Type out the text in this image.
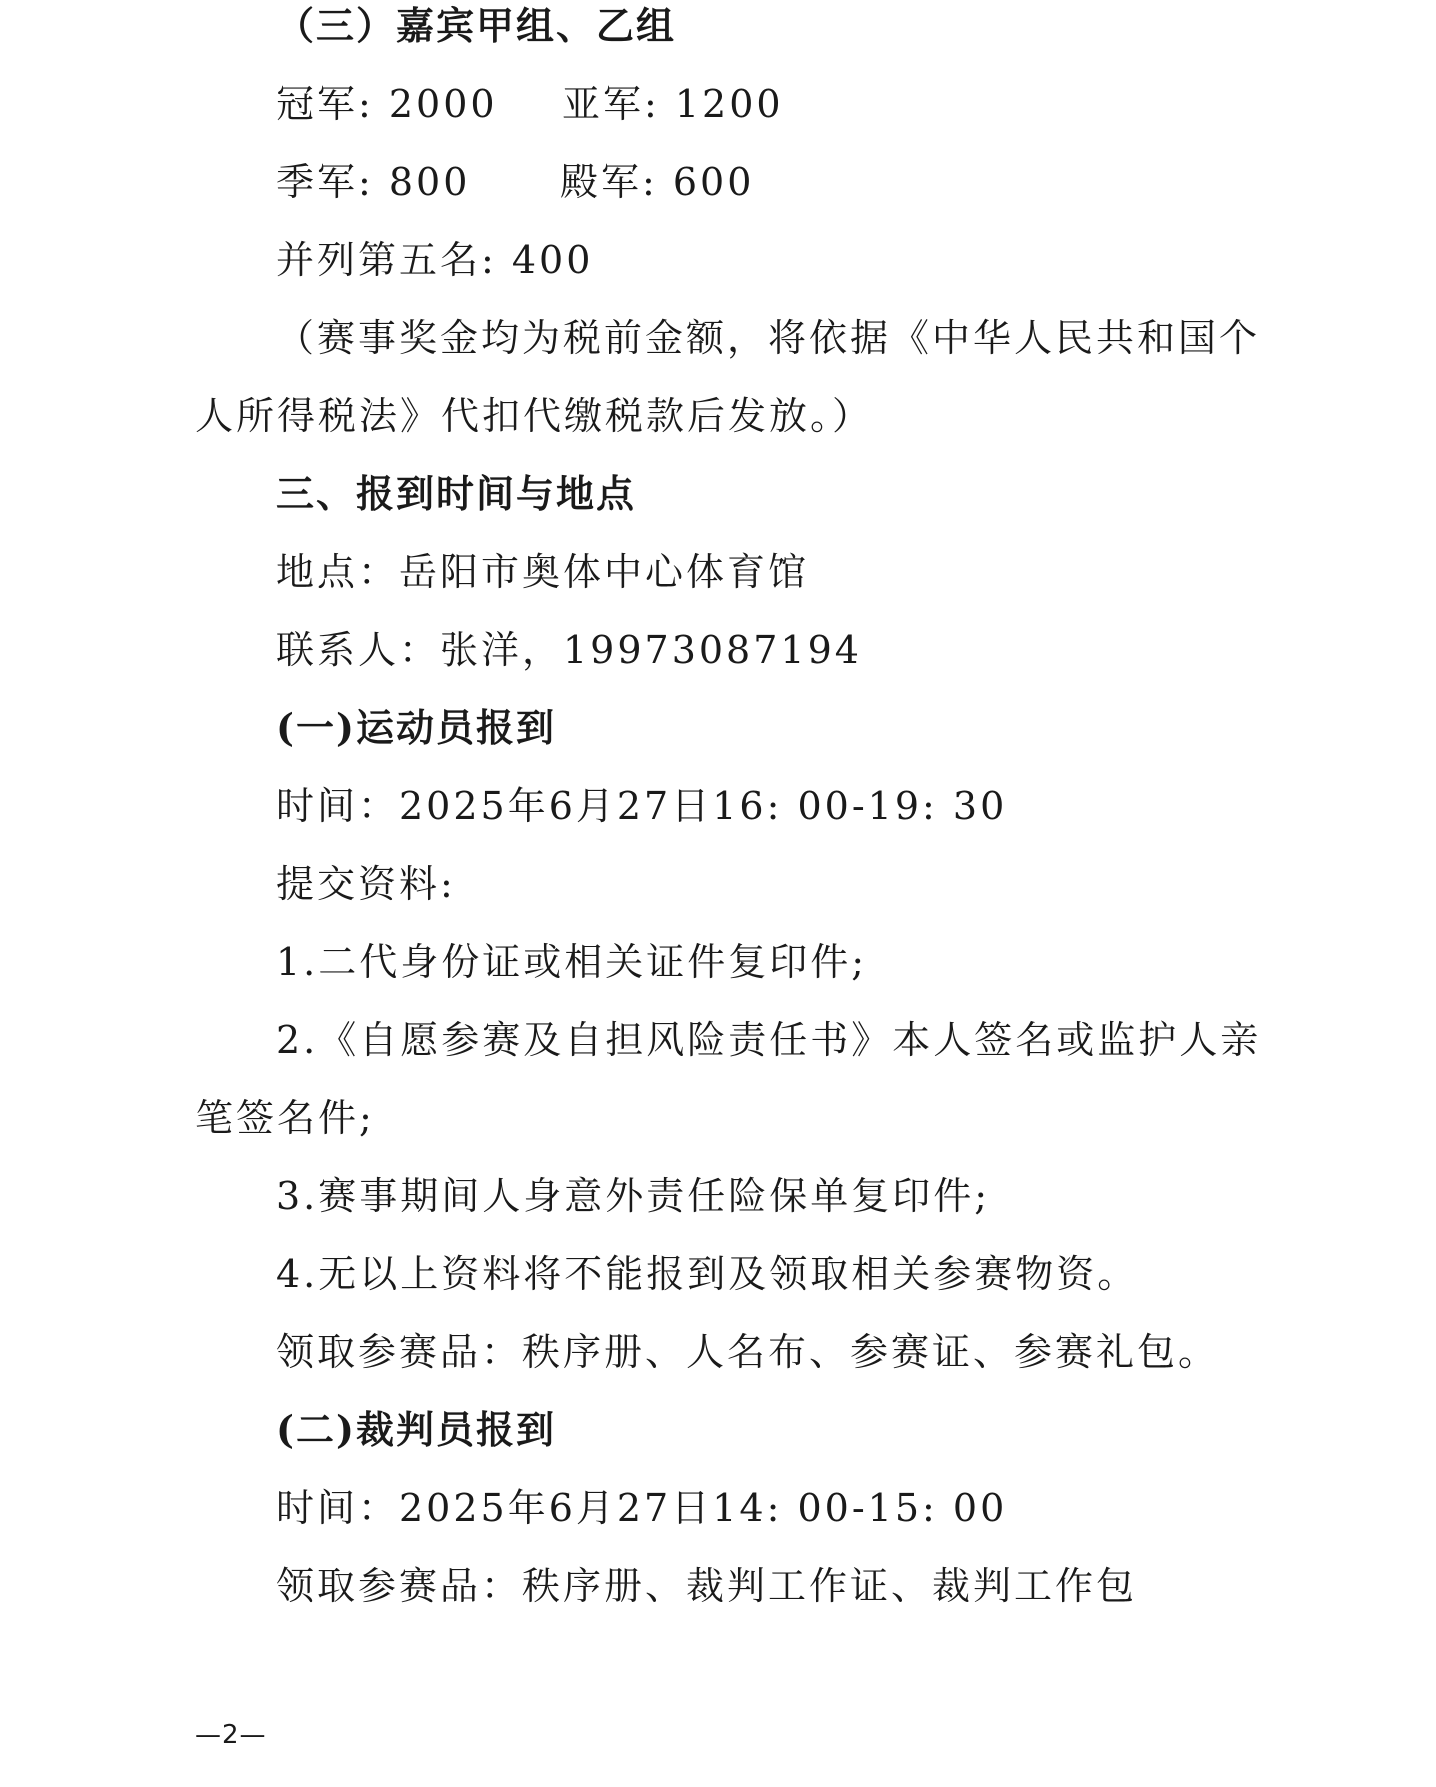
（三）嘉宾甲组、乙组
冠军: 2000 亚军: 1200
季军: 800 殿军: 600
并列第五名: 400
（赛事奖金均为税前金额，将依据《中华人民共和国个
人所得税法》代扣代缴税款后发放。）
三、报到时间与地点
地点：岳阳市奥体中心体育馆
联系人：张洋，19973087194
(一)运动员报到
时间：2025年6月27日16: 00-19: 30
提交资料:
1.二代身份证或相关证件复印件;
2.《自愿参赛及自担风险责任书》本人签名或监护人亲
笔签名件;
3.赛事期间人身意外责任险保单复印件;
4.无以上资料将不能报到及领取相关参赛物资。
领取参赛品：秩序册、人名布、参赛证、参赛礼包。
(二)裁判员报到
时间：2025年6月27日14: 00-15: 00
领取参赛品：秩序册、裁判工作证、裁判工作包
—2—
